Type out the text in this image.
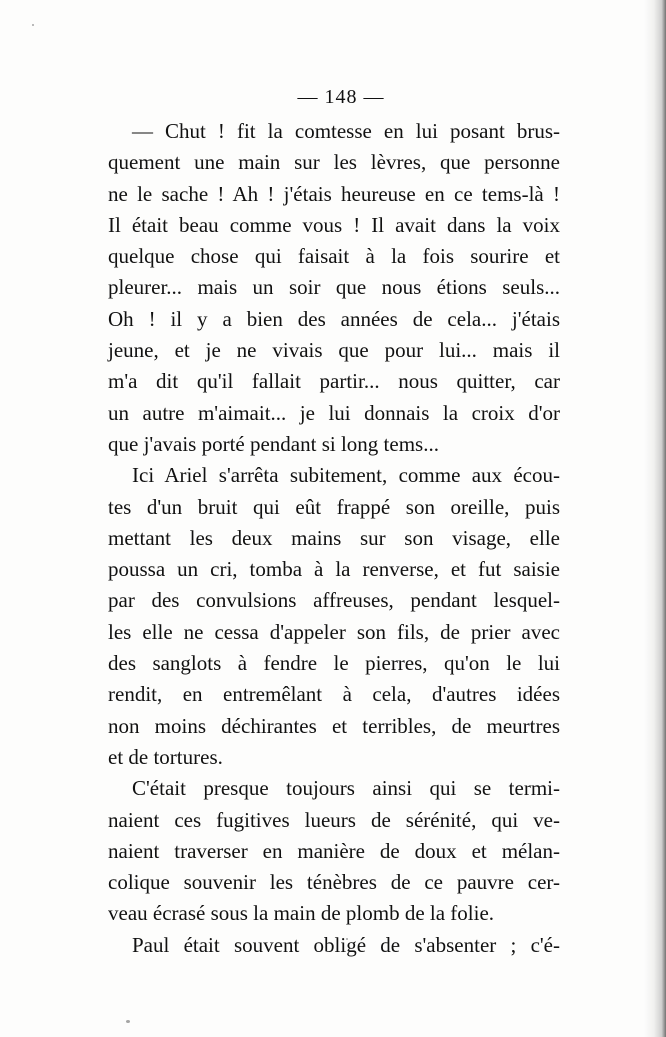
— 148 —
— Chut ! fit la comtesse en lui posant brus-
quement une main sur les lèvres, que personne
ne le sache ! Ah ! j'étais heureuse en ce tems-là !
Il était beau comme vous ! Il avait dans la voix
quelque chose qui faisait à la fois sourire et
pleurer... mais un soir que nous étions seuls...
Oh ! il y a bien des années de cela... j'étais
jeune, et je ne vivais que pour lui... mais il
m'a dit qu'il fallait partir... nous quitter, car
un autre m'aimait... je lui donnais la croix d'or
que j'avais porté pendant si long tems...
Ici Ariel s'arrêta subitement, comme aux écou-
tes d'un bruit qui eût frappé son oreille, puis
mettant les deux mains sur son visage, elle
poussa un cri, tomba à la renverse, et fut saisie
par des convulsions affreuses, pendant lesquel-
les elle ne cessa d'appeler son fils, de prier avec
des sanglots à fendre le pierres, qu'on le lui
rendit, en entremêlant à cela, d'autres idées
non moins déchirantes et terribles, de meurtres
et de tortures.
C'était presque toujours ainsi qui se termi-
naient ces fugitives lueurs de sérénité, qui ve-
naient traverser en manière de doux et mélan-
colique souvenir les ténèbres de ce pauvre cer-
veau écrasé sous la main de plomb de la folie.
Paul était souvent obligé de s'absenter ; c'é-
